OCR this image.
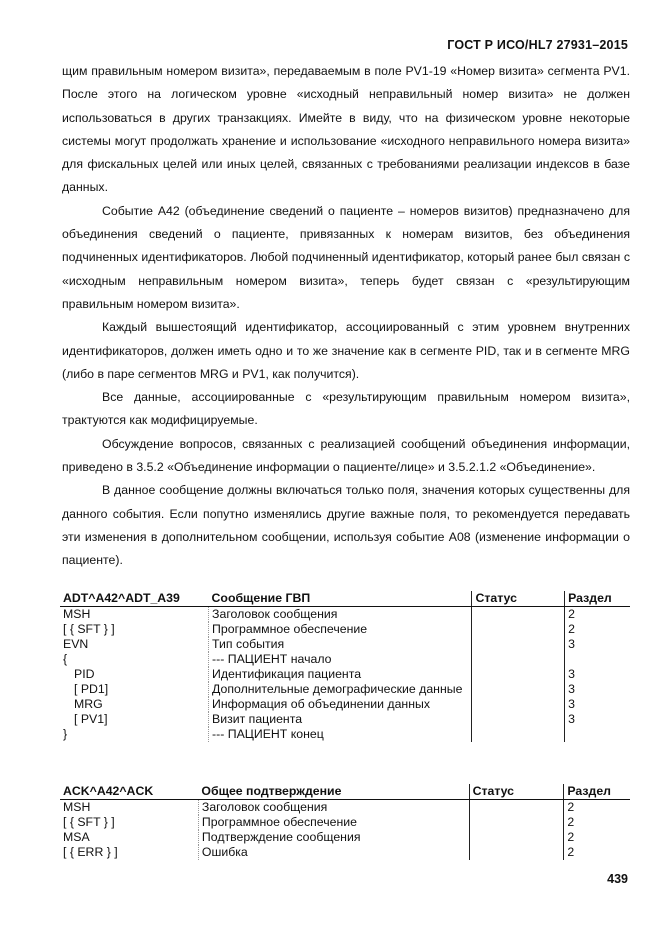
ГОСТ Р ИСО/HL7 27931–2015

щим правильным номером визита», передаваемым в поле PV1-19 «Номер визита» сегмента PV1. После этого на логическом уровне «исходный неправильный номер визита» не должен использоваться в других транзакциях. Имейте в виду, что на физическом уровне некоторые системы могут продолжать хранение и использование «исходного неправильного номера визита» для фискальных целей или иных целей, связанных с требованиями реализации индексов в базе данных.

Событие A42 (объединение сведений о пациенте – номеров визитов) предназначено для объединения сведений о пациенте, привязанных к номерам визитов, без объединения подчиненных идентификаторов. Любой подчиненный идентификатор, который ранее был связан с «исходным неправильным номером визита», теперь будет связан с «результирующим правильным номером визита».

Каждый вышестоящий идентификатор, ассоциированный с этим уровнем внутренних идентификаторов, должен иметь одно и то же значение как в сегменте PID, так и в сегменте MRG (либо в паре сегментов MRG и PV1, как получится).

Все данные, ассоциированные с «результирующим правильным номером визита», трактуются как модифицируемые.

Обсуждение вопросов, связанных с реализацией сообщений объединения информации, приведено в 3.5.2 «Объединение информации о пациенте/лице» и 3.5.2.1.2 «Объединение».

В данное сообщение должны включаться только поля, значения которых существенны для данного события. Если попутно изменялись другие важные поля, то рекомендуется передавать эти изменения в дополнительном сообщении, используя событие A08 (изменение информации о пациенте).

ADT^A42^ADT_A39	Сообщение ГВП	Статус	Раздел
MSH	Заголовок сообщения		2
[ { SFT } ]	Программное обеспечение		2
EVN	Тип события		3
{	--- ПАЦИЕНТ начало		
PID	Идентификация пациента		3
[ PD1]	Дополнительные демографические данные		3
MRG	Информация об объединении данных		3
[ PV1]	Визит пациента		3
}	--- ПАЦИЕНТ конец		
ACK^A42^ACK	Общее подтверждение	Статус	Раздел
MSH	Заголовок сообщения		2
[ { SFT } ]	Программное обеспечение		2
MSA	Подтверждение сообщения		2
[ { ERR } ]	Ошибка		2
439
